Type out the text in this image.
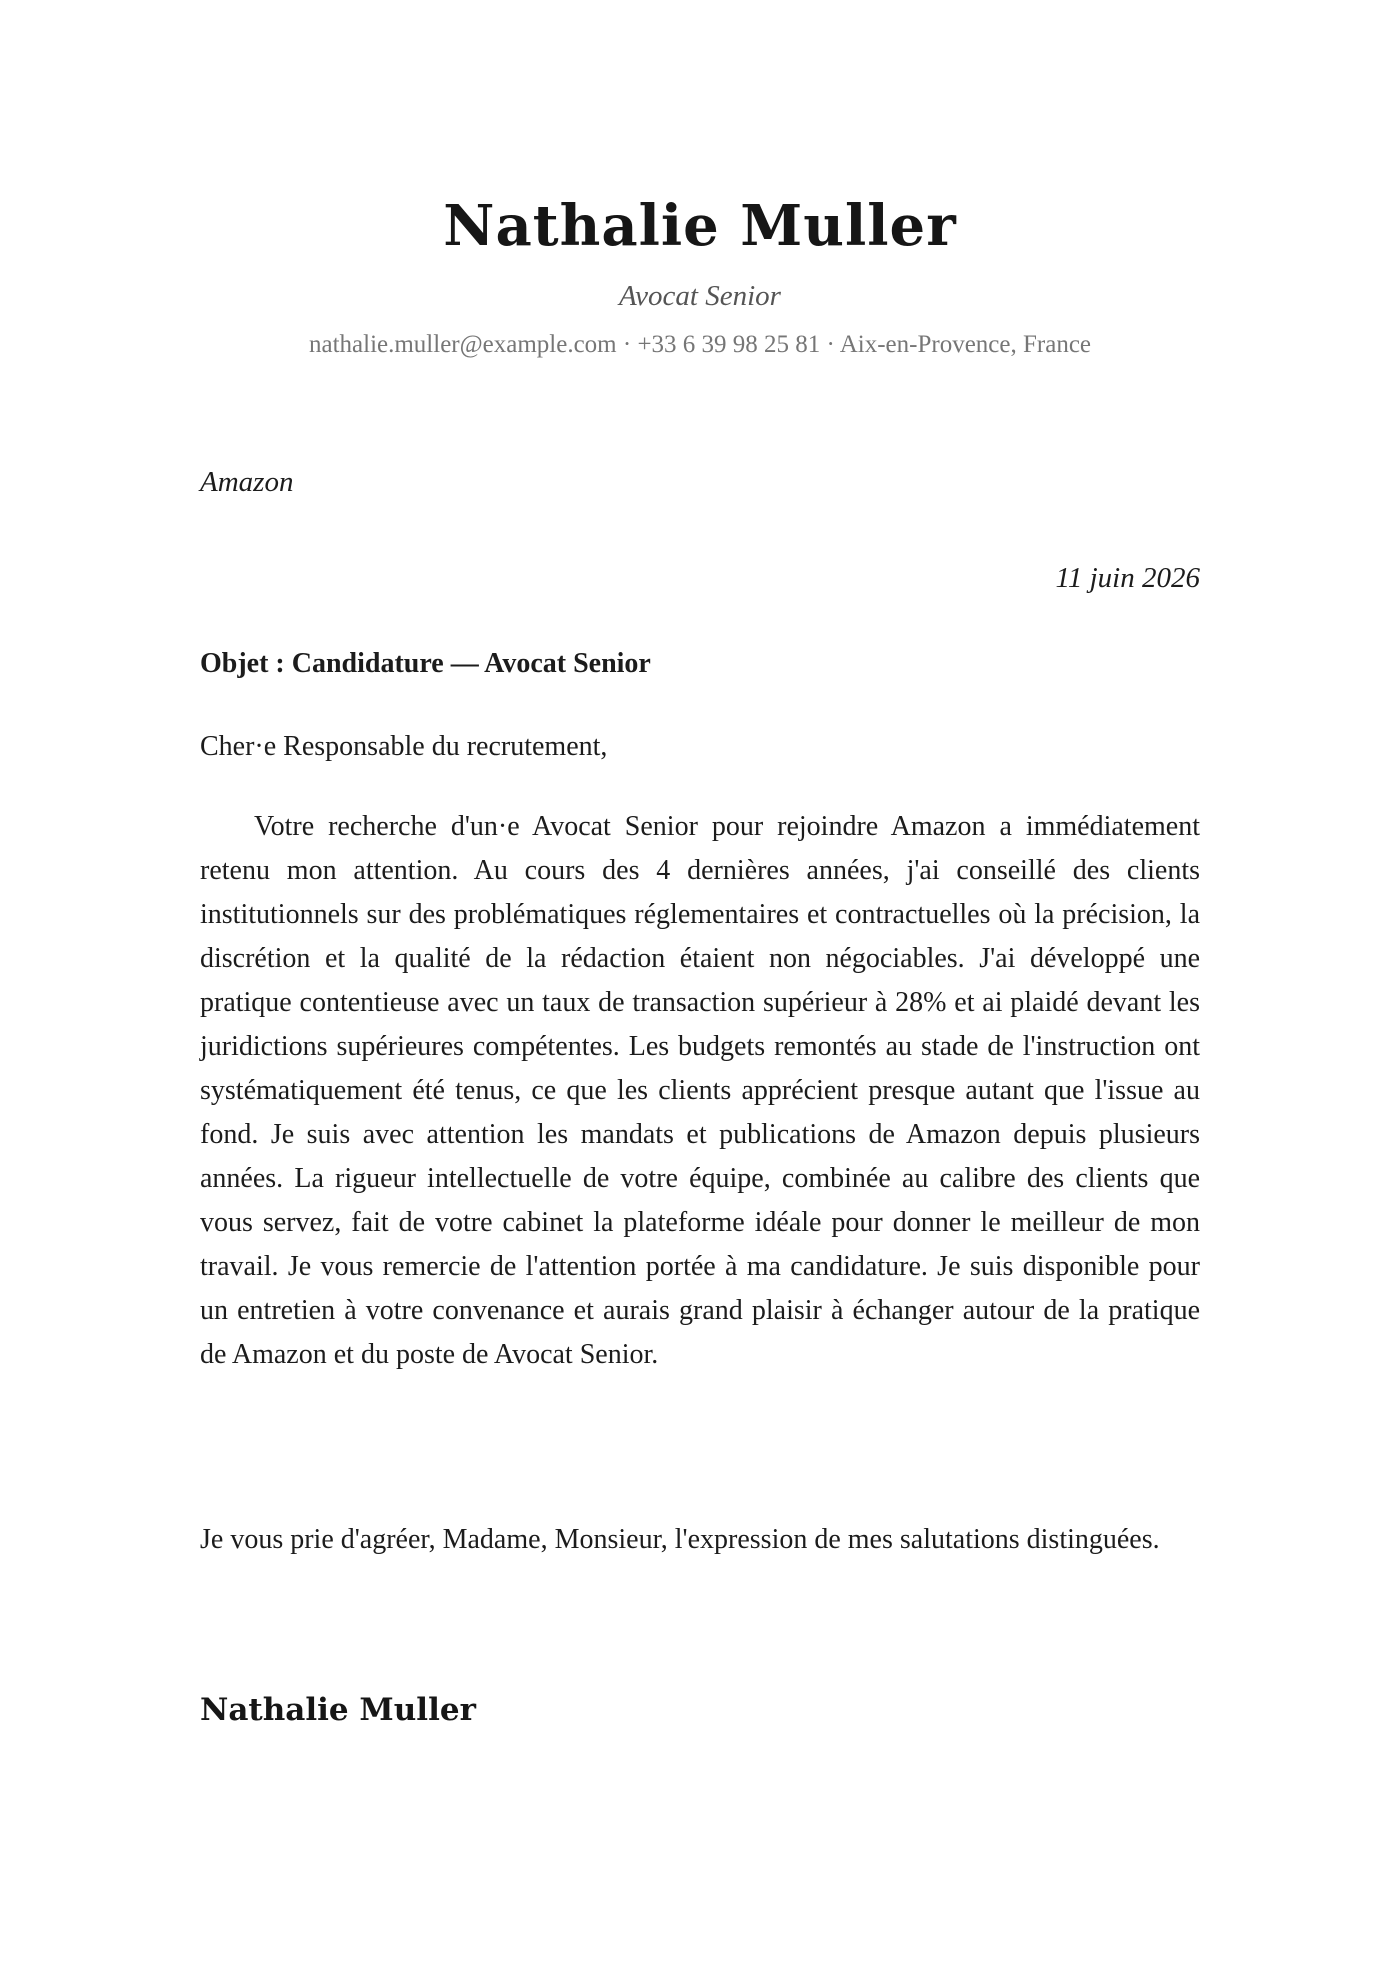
Nathalie Muller
Avocat Senior
nathalie.muller@example.com · +33 6 39 98 25 81 · Aix-en-Provence, France
Amazon
11 juin 2026
Objet : Candidature — Avocat Senior
Cher·e Responsable du recrutement,

Votre recherche d'un·e Avocat Senior pour rejoindre Amazon a immédiatement retenu mon attention. Au cours des 4 dernières années, j'ai conseillé des clients institutionnels sur des problématiques réglementaires et contractuelles où la précision, la discrétion et la qualité de la rédaction étaient non négociables. J'ai développé une pratique contentieuse avec un taux de transaction supérieur à 28% et ai plaidé devant les juridictions supérieures compétentes. Les budgets remontés au stade de l'instruction ont systématiquement été tenus, ce que les clients apprécient presque autant que l'issue au fond. Je suis avec attention les mandats et publications de Amazon depuis plusieurs années. La rigueur intellectuelle de votre équipe, combinée au calibre des clients que vous servez, fait de votre cabinet la plateforme idéale pour donner le meilleur de mon travail. Je vous remercie de l'attention portée à ma candidature. Je suis disponible pour un entretien à votre convenance et aurais grand plaisir à échanger autour de la pratique de Amazon et du poste de Avocat Senior.

Je vous prie d'agréer, Madame, Monsieur, l'expression de mes salutations distinguées.

Nathalie Muller
